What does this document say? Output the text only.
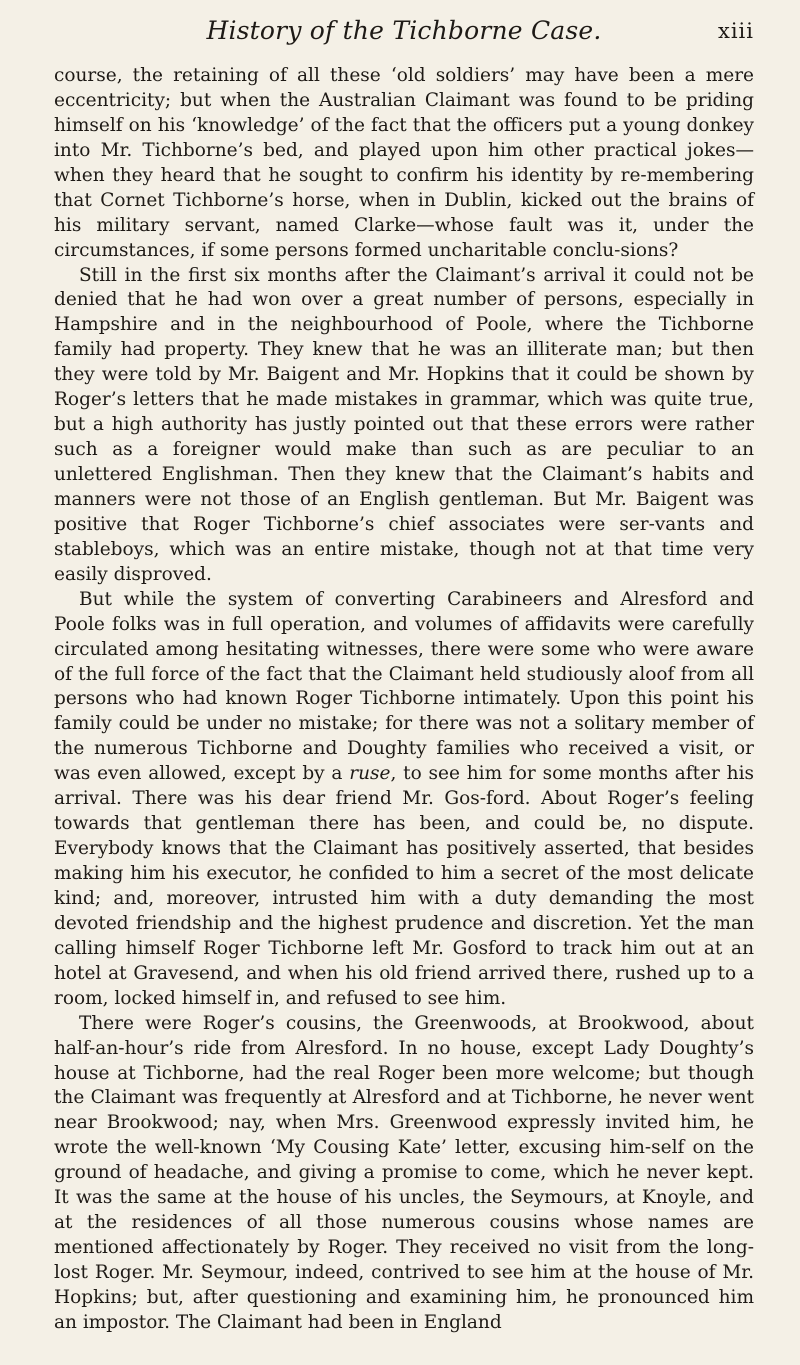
History of the Tichborne Case.	xiii

course, the retaining of all these ‘old soldiers’ may have been a mere eccentricity; but when the Australian Claimant was found to be priding himself on his ‘knowledge’ of the fact that the officers put a young donkey into Mr. Tichborne’s bed, and played upon him other practical jokes—when they heard that he sought to confirm his identity by re-membering that Cornet Tichborne’s horse, when in Dublin, kicked out the brains of his military servant, named Clarke—whose fault was it, under the circumstances, if some persons formed uncharitable conclu-sions?

Still in the first six months after the Claimant’s arrival it could not be denied that he had won over a great number of persons, especially in Hampshire and in the neighbourhood of Poole, where the Tichborne family had property. They knew that he was an illiterate man; but then they were told by Mr. Baigent and Mr. Hopkins that it could be shown by Roger’s letters that he made mistakes in grammar, which was quite true, but a high authority has justly pointed out that these errors were rather such as a foreigner would make than such as are peculiar to an unlettered Englishman. Then they knew that the Claimant’s habits and manners were not those of an English gentleman. But Mr. Baigent was positive that Roger Tichborne’s chief associates were ser-vants and stableboys, which was an entire mistake, though not at that time very easily disproved.

But while the system of converting Carabineers and Alresford and Poole folks was in full operation, and volumes of affidavits were carefully circulated among hesitating witnesses, there were some who were aware of the full force of the fact that the Claimant held studiously aloof from all persons who had known Roger Tichborne intimately. Upon this point his family could be under no mistake; for there was not a solitary member of the numerous Tichborne and Doughty families who received a visit, or was even allowed, except by a ruse, to see him for some months after his arrival. There was his dear friend Mr. Gos-ford. About Roger’s feeling towards that gentleman there has been, and could be, no dispute. Everybody knows that the Claimant has positively asserted, that besides making him his executor, he confided to him a secret of the most delicate kind; and, moreover, intrusted him with a duty demanding the most devoted friendship and the highest prudence and discretion. Yet the man calling himself Roger Tichborne left Mr. Gosford to track him out at an hotel at Gravesend, and when his old friend arrived there, rushed up to a room, locked himself in, and refused to see him.

There were Roger’s cousins, the Greenwoods, at Brookwood, about half-an-hour’s ride from Alresford. In no house, except Lady Doughty’s house at Tichborne, had the real Roger been more welcome; but though the Claimant was frequently at Alresford and at Tichborne, he never went near Brookwood; nay, when Mrs. Greenwood expressly invited him, he wrote the well-known ‘My Cousing Kate’ letter, excusing him-self on the ground of headache, and giving a promise to come, which he never kept. It was the same at the house of his uncles, the Seymours, at Knoyle, and at the residences of all those numerous cousins whose names are mentioned affectionately by Roger. They received no visit from the long-lost Roger. Mr. Seymour, indeed, contrived to see him at the house of Mr. Hopkins; but, after questioning and examining him, he pronounced him an impostor. The Claimant had been in England
